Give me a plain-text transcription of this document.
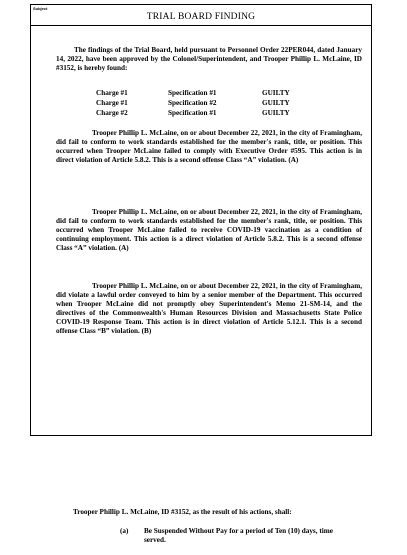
Subject
TRIAL BOARD FINDING

The findings of the Trial Board, held pursuant to Personnel Order 22PER044, dated January 14, 2022, have been approved by the Colonel/Superintendent, and Trooper Phillip L. McLaine, ID #3152, is hereby found:

Charge #1	Specification #1	GUILTY
Charge #1	Specification #2	GUILTY
Charge #2	Specification #1	GUILTY

Trooper Phillip L. McLaine, on or about December 22, 2021, in the city of Framingham, did fail to conform to work standards established for the member's rank, title, or position. This occurred when Trooper McLaine failed to comply with Executive Order #595. This action is in direct violation of Article 5.8.2. This is a second offense Class “A” violation. (A)

Trooper Phillip L. McLaine, on or about December 22, 2021, in the city of Framingham, did fail to conform to work standards established for the member's rank, title, or position. This occurred when Trooper McLaine failed to receive COVID-19 vaccination as a condition of continuing employment. This action is a direct violation of Article 5.8.2. This is a second offense Class “A” violation. (A)

Trooper Phillip L. McLaine, on or about December 22, 2021, in the city of Framingham, did violate a lawful order conveyed to him by a senior member of the Department. This occurred when Trooper McLaine did not promptly obey Superintendent's Memo 21-SM-14, and the directives of the Commonwealth's Human Resources Division and Massachusetts State Police COVID-19 Response Team. This action is in direct violation of Article 5.12.1. This is a second offense Class “B” violation. (B)

Trooper Phillip L. McLaine, ID #3152, as the result of his actions, shall:
(a)	Be Suspended Without Pay for a period of Ten (10) days, time served.
